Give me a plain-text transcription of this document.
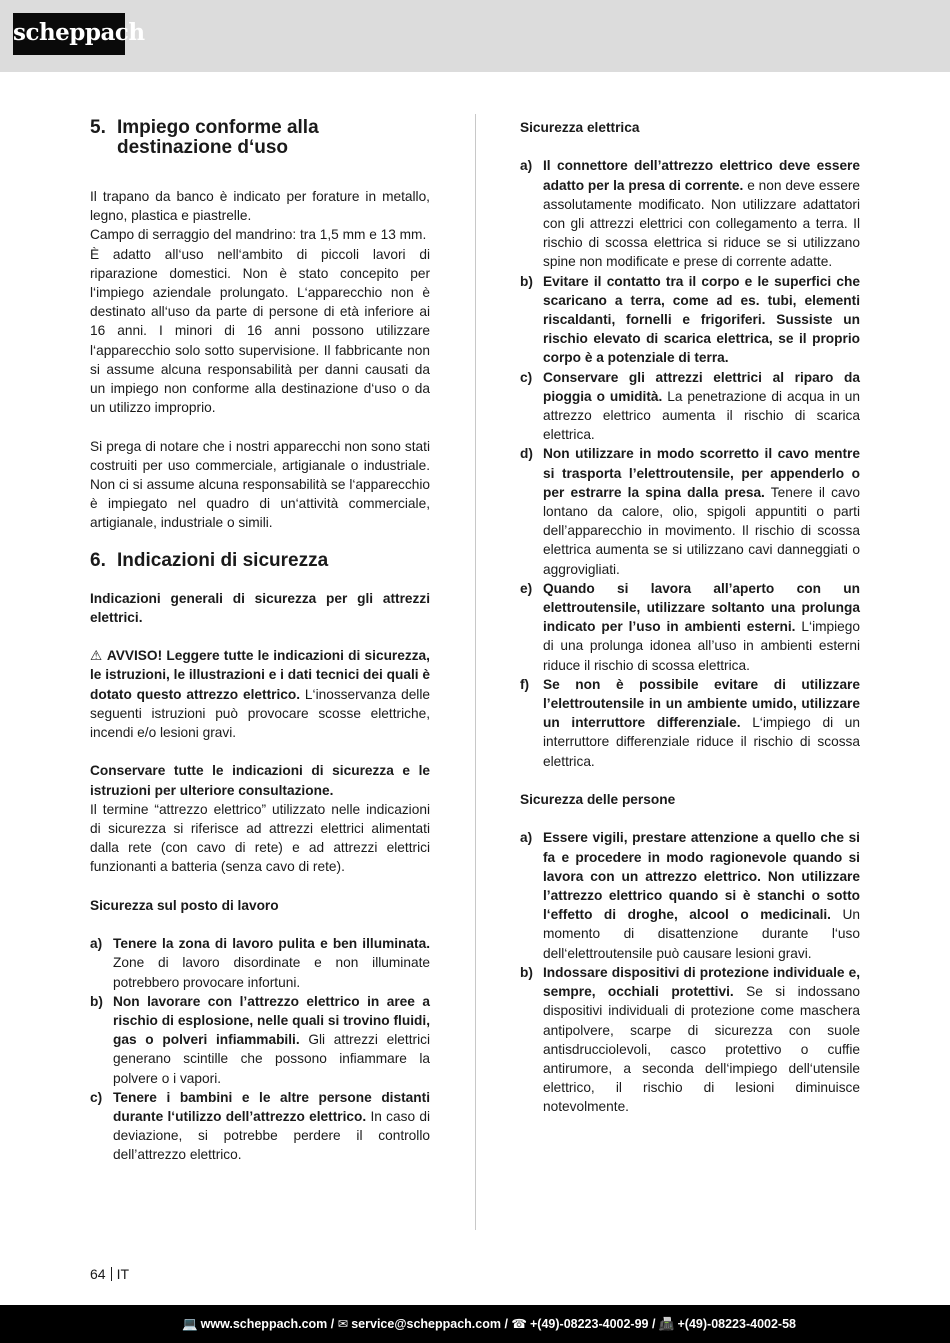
scheppach
5. Impiego conforme alla destinazione d‘uso

Il trapano da banco è indicato per forature in metallo, legno, plastica e piastrelle.

Campo di serraggio del mandrino: tra 1,5 mm e 13 mm.

È adatto all‘uso nell‘ambito di piccoli lavori di riparazione domestici. Non è stato concepito per l‘impiego aziendale prolungato. L‘apparecchio non è destinato all‘uso da parte di persone di età inferiore ai 16 anni. I minori di 16 anni possono utilizzare l‘apparecchio solo sotto supervisione. Il fabbricante non si assume alcuna responsabilità per danni causati da un impiego non conforme alla destinazione d‘uso o da un utilizzo improprio.

Si prega di notare che i nostri apparecchi non sono stati costruiti per uso commerciale, artigianale o industriale. Non ci si assume alcuna responsabilità se l‘apparecchio è impiegato nel quadro di un‘attività commerciale, artigianale, industriale o simili.

6. Indicazioni di sicurezza

Indicazioni generali di sicurezza per gli attrezzi elettrici.

⚠ AVVISO! Leggere tutte le indicazioni di sicurezza, le istruzioni, le illustrazioni e i dati tecnici dei quali è dotato questo attrezzo elettrico. L‘inosservanza delle seguenti istruzioni può provocare scosse elettriche, incendi e/o lesioni gravi.

Conservare tutte le indicazioni di sicurezza e le istruzioni per ulteriore consultazione.

Il termine “attrezzo elettrico” utilizzato nelle indicazioni di sicurezza si riferisce ad attrezzi elettrici alimentati dalla rete (con cavo di rete) e ad attrezzi elettrici funzionanti a batteria (senza cavo di rete).

Sicurezza sul posto di lavoro

a) Tenere la zona di lavoro pulita e ben illuminata. Zone di lavoro disordinate e non illuminate potrebbero provocare infortuni.
b) Non lavorare con l’attrezzo elettrico in aree a rischio di esplosione, nelle quali si trovino fluidi, gas o polveri infiammabili. Gli attrezzi elettrici generano scintille che possono infiammare la polvere o i vapori.
c) Tenere i bambini e le altre persone distanti durante l‘utilizzo dell’attrezzo elettrico. In caso di deviazione, si potrebbe perdere il controllo dell’attrezzo elettrico.

Sicurezza elettrica

a) Il connettore dell’attrezzo elettrico deve essere adatto per la presa di corrente. e non deve essere assolutamente modificato. Non utilizzare adattatori con gli attrezzi elettrici con collegamento a terra. Il rischio di scossa elettrica si riduce se si utilizzano spine non modificate e prese di corrente adatte.
b) Evitare il contatto tra il corpo e le superfici che scaricano a terra, come ad es. tubi, elementi riscaldanti, fornelli e frigoriferi. Sussiste un rischio elevato di scarica elettrica, se il proprio corpo è a potenziale di terra.
c) Conservare gli attrezzi elettrici al riparo da pioggia o umidità. La penetrazione di acqua in un attrezzo elettrico aumenta il rischio di scarica elettrica.
d) Non utilizzare in modo scorretto il cavo mentre si trasporta l’elettroutensile, per appenderlo o per estrarre la spina dalla presa. Tenere il cavo lontano da calore, olio, spigoli appuntiti o parti dell’apparecchio in movimento. Il rischio di scossa elettrica aumenta se si utilizzano cavi danneggiati o aggrovigliati.
e) Quando si lavora all’aperto con un elettroutensile, utilizzare soltanto una prolunga indicato per l’uso in ambienti esterni. L‘impiego di una prolunga idonea all’uso in ambienti esterni riduce il rischio di scossa elettrica.
f)	Se non è possibile evitare di utilizzare l’elettroutensile in un ambiente umido, utilizzare un interruttore differenziale. L‘impiego di un interruttore differenziale riduce il rischio di scossa elettrica.

Sicurezza delle persone

a) Essere vigili, prestare attenzione a quello che si fa e procedere in modo ragionevole quando si lavora con un attrezzo elettrico. Non utilizzare l’attrezzo elettrico quando si è stanchi o sotto l‘effetto di droghe, alcool o medicinali. Un momento di disattenzione durante l‘uso dell‘elettroutensile può causare lesioni gravi.
b) Indossare dispositivi di protezione individuale e, sempre, occhiali protettivi. Se si indossano dispositivi individuali di protezione come maschera antipolvere, scarpe di sicurezza con suole antisdrucciolevoli, casco protettivo o cuffie antirumore, a seconda dell‘impiego dell‘utensile elettrico, il rischio di lesioni diminuisce notevolmente.
64 IT
💻 www.scheppach.com / ✉ service@scheppach.com / ☎ +(49)-08223-4002-99 / 📠 +(49)-08223-4002-58
